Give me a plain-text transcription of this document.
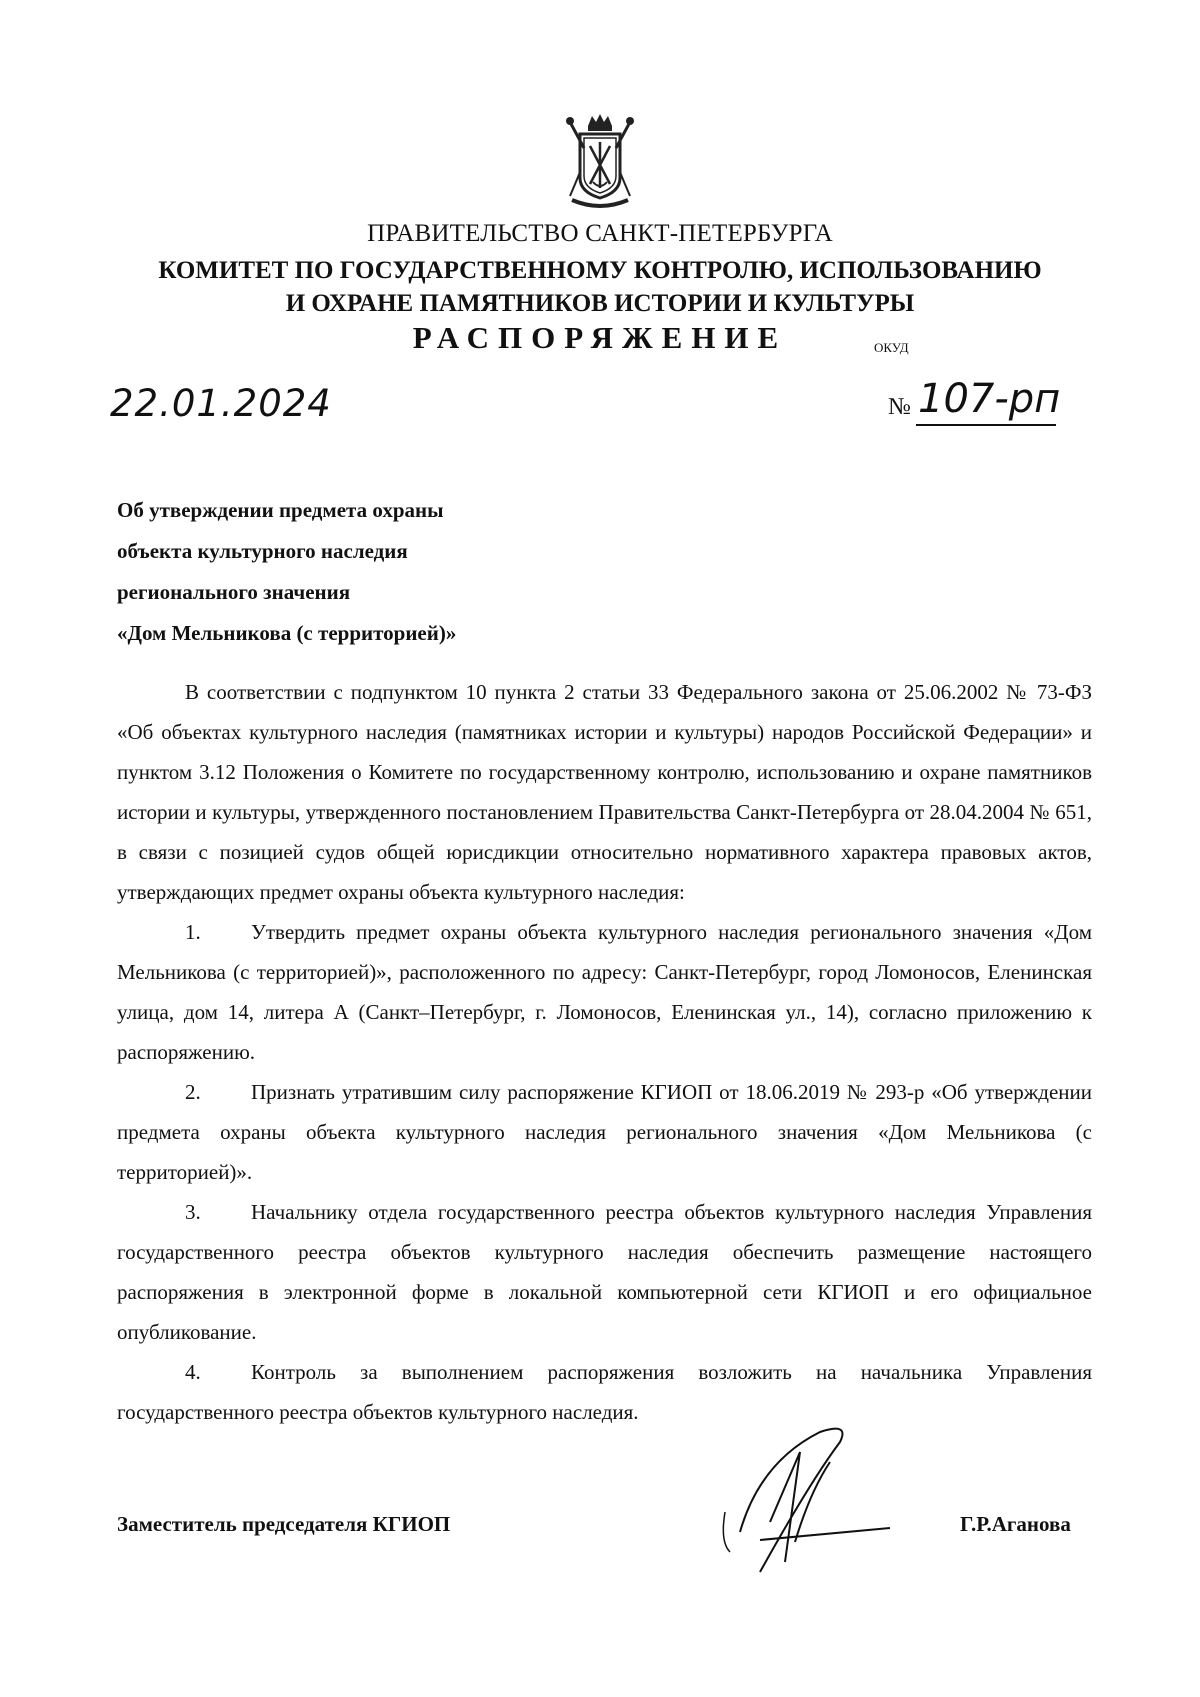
ПРАВИТЕЛЬСТВО САНКТ-ПЕТЕРБУРГА
КОМИТЕТ ПО ГОСУДАРСТВЕННОМУ КОНТРОЛЮ, ИСПОЛЬЗОВАНИЮ
И ОХРАНЕ ПАМЯТНИКОВ ИСТОРИИ И КУЛЬТУРЫ
РАСПОРЯЖЕНИЕ	ОКУД
22.01.2024	№ 107-рп
Об утверждении предмета охраны
объекта культурного наследия
регионального значения
«Дом Мельникова (с территорией)»

В соответствии с подпунктом 10 пункта 2 статьи 33 Федерального закона от 25.06.2002 № 73-ФЗ «Об объектах культурного наследия (памятниках истории и культуры) народов Российской Федерации» и пунктом 3.12 Положения о Комитете по государственному контролю, использованию и охране памятников истории и культуры, утвержденного постановлением Правительства Санкт-Петербурга от 28.04.2004 № 651, в связи с позицией судов общей юрисдикции относительно нормативного характера правовых актов, утверждающих предмет охраны объекта культурного наследия:

1. Утвердить предмет охраны объекта культурного наследия регионального значения «Дом Мельникова (с территорией)», расположенного по адресу: Санкт-Петербург, город Ломоносов, Еленинская улица, дом 14, литера А (Санкт–Петербург, г. Ломоносов, Еленинская ул., 14), согласно приложению к распоряжению.

2. Признать утратившим силу распоряжение КГИОП от 18.06.2019 № 293-р «Об утверждении предмета охраны объекта культурного наследия регионального значения «Дом Мельникова (с территорией)».

3. Начальнику отдела государственного реестра объектов культурного наследия Управления государственного реестра объектов культурного наследия обеспечить размещение настоящего распоряжения в электронной форме в локальной компьютерной сети КГИОП и его официальное опубликование.

4. Контроль за выполнением распоряжения возложить на начальника Управления государственного реестра объектов культурного наследия.

Заместитель председателя КГИОП	Г.Р.Аганова
